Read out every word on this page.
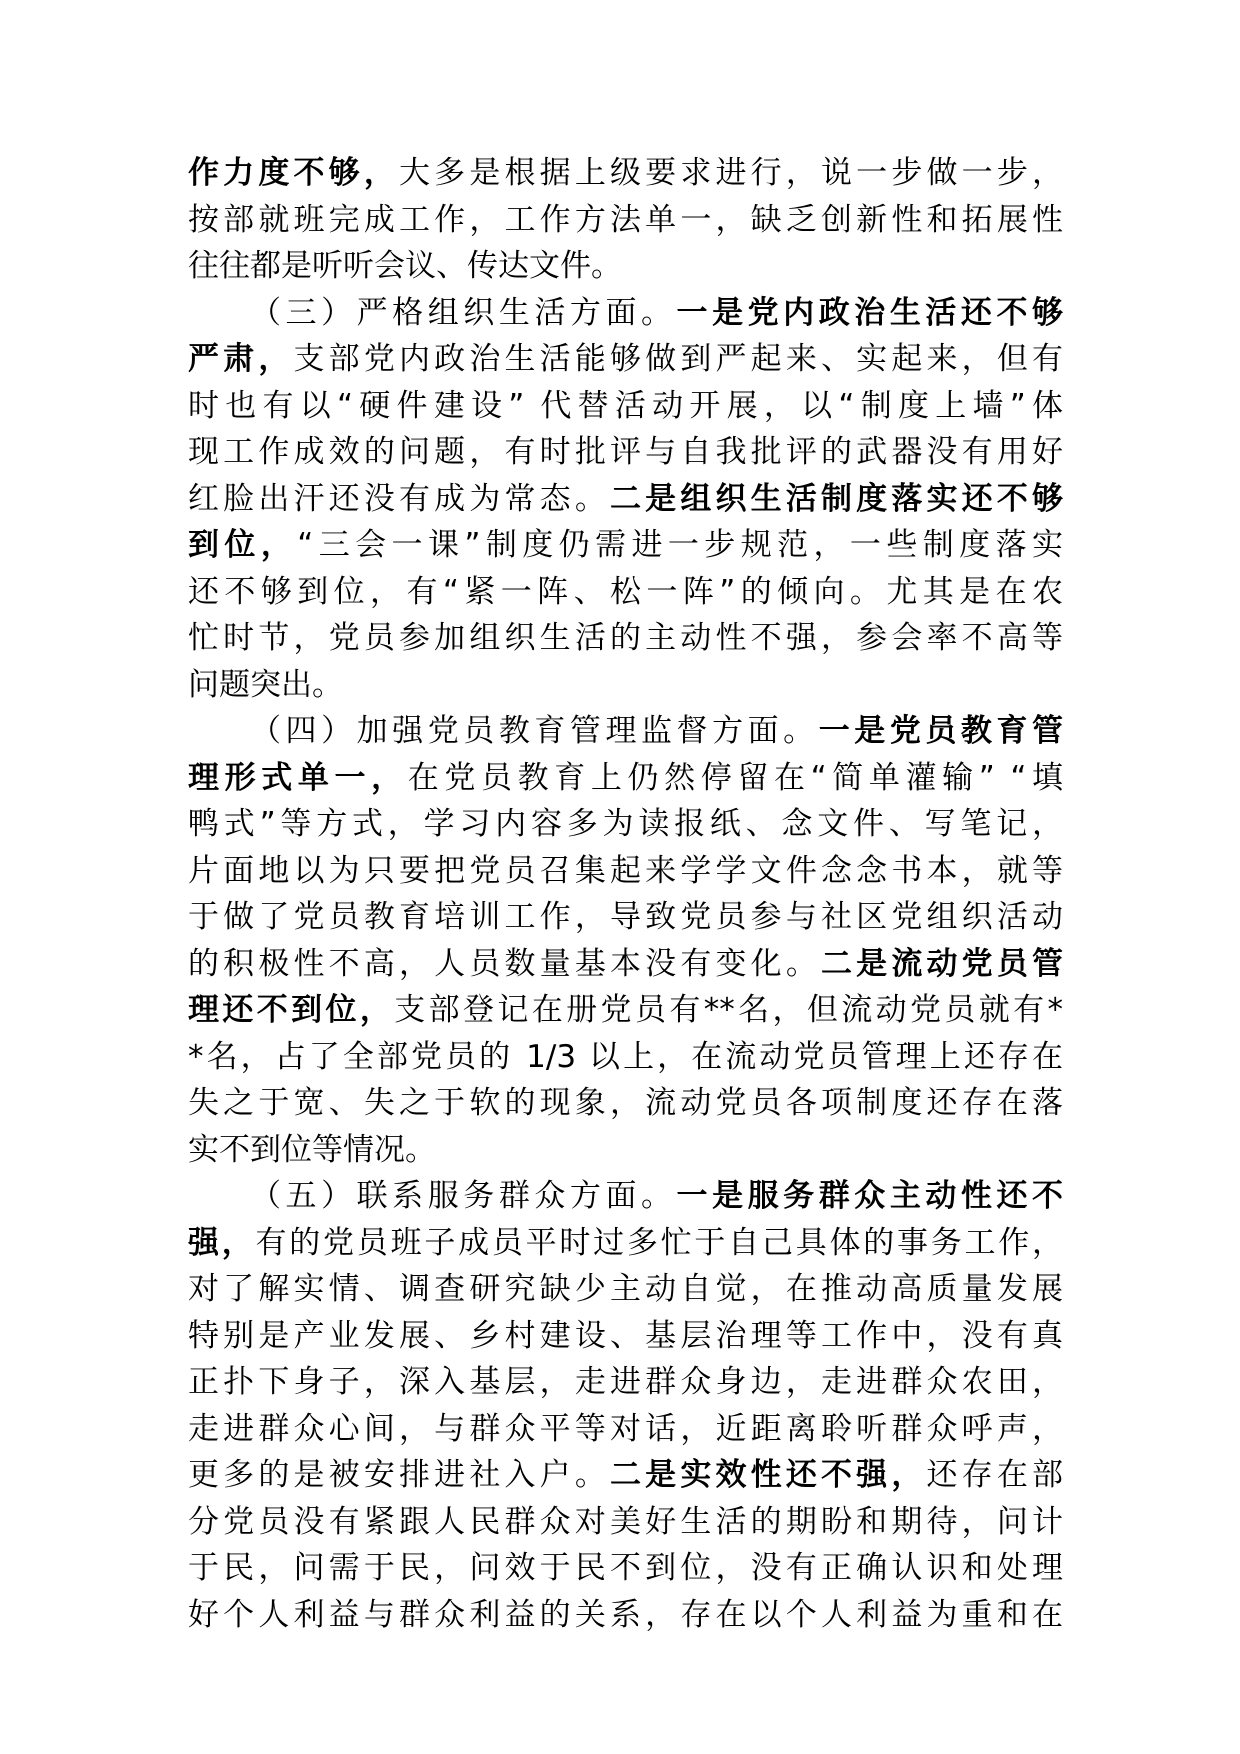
作力度不够，大多是根据上级要求进行，说一步做一步，
按部就班完成工作，工作方法单一，缺乏创新性和拓展性
往往都是听听会议、传达文件。
（三）严格组织生活方面。一是党内政治生活还不够
严肃，支部党内政治生活能够做到严起来、实起来，但有
时也有以“硬件建设” 代替活动开展，以“制度上墙”体
现工作成效的问题，有时批评与自我批评的武器没有用好
红脸出汗还没有成为常态。二是组织生活制度落实还不够
到位，“三会一课”制度仍需进一步规范，一些制度落实
还不够到位，有“紧一阵、松一阵”的倾向。尤其是在农
忙时节，党员参加组织生活的主动性不强，参会率不高等
问题突出。
（四）加强党员教育管理监督方面。一是党员教育管
理形式单一，在党员教育上仍然停留在“简单灌输” “填
鸭式”等方式，学习内容多为读报纸、念文件、写笔记，
片面地以为只要把党员召集起来学学文件念念书本，就等
于做了党员教育培训工作，导致党员参与社区党组织活动
的积极性不高，人员数量基本没有变化。二是流动党员管
理还不到位，支部登记在册党员有**名，但流动党员就有*
*名，占了全部党员的 1/3 以上，在流动党员管理上还存在
失之于宽、失之于软的现象，流动党员各项制度还存在落
实不到位等情况。
（五）联系服务群众方面。一是服务群众主动性还不
强，有的党员班子成员平时过多忙于自己具体的事务工作，
对了解实情、调查研究缺少主动自觉，在推动高质量发展
特别是产业发展、乡村建设、基层治理等工作中，没有真
正扑下身子，深入基层，走进群众身边，走进群众农田，
走进群众心间，与群众平等对话，近距离聆听群众呼声，
更多的是被安排进社入户。二是实效性还不强，还存在部
分党员没有紧跟人民群众对美好生活的期盼和期待，问计
于民，问需于民，问效于民不到位，没有正确认识和处理
好个人利益与群众利益的关系，存在以个人利益为重和在
